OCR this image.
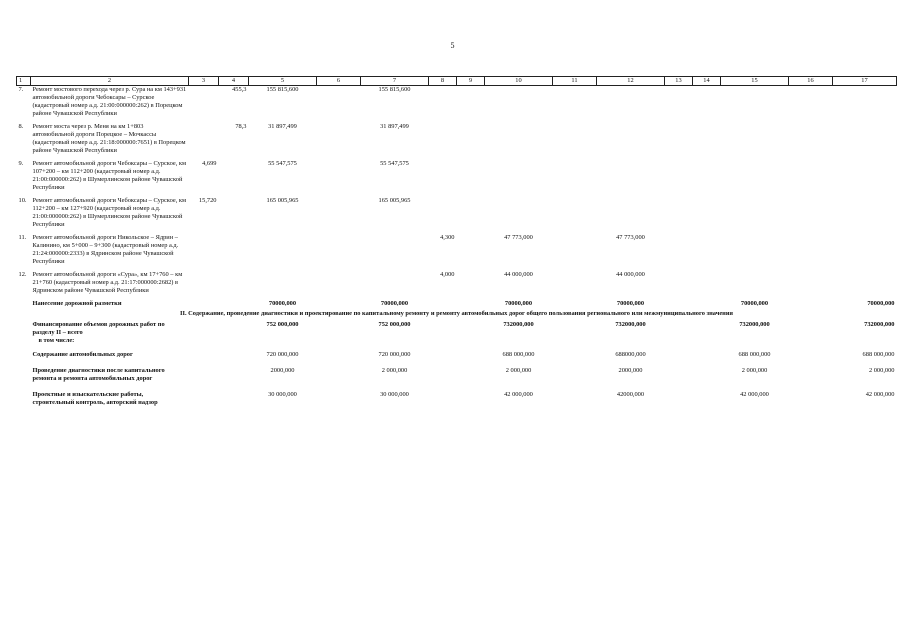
5
1	2	3	4	5	6	7	8	9	10	11	12	13	14	15	16	17
7.	Ремонт мостового перехода через р. Сура на км 143+931 автомобильной дороги Чебоксары – Сурское (кадастровый номер а.д. 21:00:000000:262) в Порецком районе Чувашской Республики		455,3	155 815,600		155 815,600										

8.	Ремонт моста через р. Меня на км 1+803 автомобильной дороги Порецкое – Мочкассы (кадастровый номер а.д. 21:18:000000:7651) в Порецком районе Чувашской Республики		78,3	31 897,499		31 897,499										

9.	Ремонт автомобильной дороги Чебоксары – Сурское, км 107+200 – км 112+200 (кадастровый номер а.д. 21:00:000000:262) в Шумерлинском районе Чувашской Республики	4,699		55 547,575		55 547,575										

10.	Ремонт автомобильной дороги Чебоксары – Сурское, км 112+200 – км 127+920 (кадастровый номер а.д. 21:00:000000:262) в Шумерлинском районе Чувашской Республики	15,720		165 005,965		165 005,965										

11.	Ремонт автомобильной дороги Никольское – Ядрин – Калинино, км 5+000 – 9+300 (кадастровый номер а.д. 21:24:000000:2333) в Ядринском районе Чувашской Республики						4,300		47 773,000		47 773,000					

12.	Ремонт автомобильной дороги «Сура», км 17+760 – км 21+760 (кадастровый номер а.д. 21:17:000000:2682) в Ядринском районе Чувашской Республики						4,000		44 000,000		44 000,000					

	Нанесение дорожной разметки			70000,000		70000,000			70000,000		70000,000			70000,000		70000,000

II. Содержание, проведение диагностики и проектирование по капитальному ремонту и ремонту автомобильных дорог общего пользования регионального или межмуниципального значения																

	Финансирование объемов дорожных работ по разделу II – всего			752 000,000		752 000,000			732000,000		732000,000			732000,000		732000,000
	в том числе:															

	Содержание автомобильных дорог			720 000,000		720 000,000			688 000,000		688000,000			688 000,000		688 000,000

	Проведение диагностики после капитального ремонта и ремонта автомобильных дорог			2000,000		2 000,000			2 000,000		2000,000			2 000,000		2 000,000

	Проектные и изыскательские работы, строительный контроль, авторский надзор			30 000,000		30 000,000			42 000,000		42000,000			42 000,000		42 000,000
